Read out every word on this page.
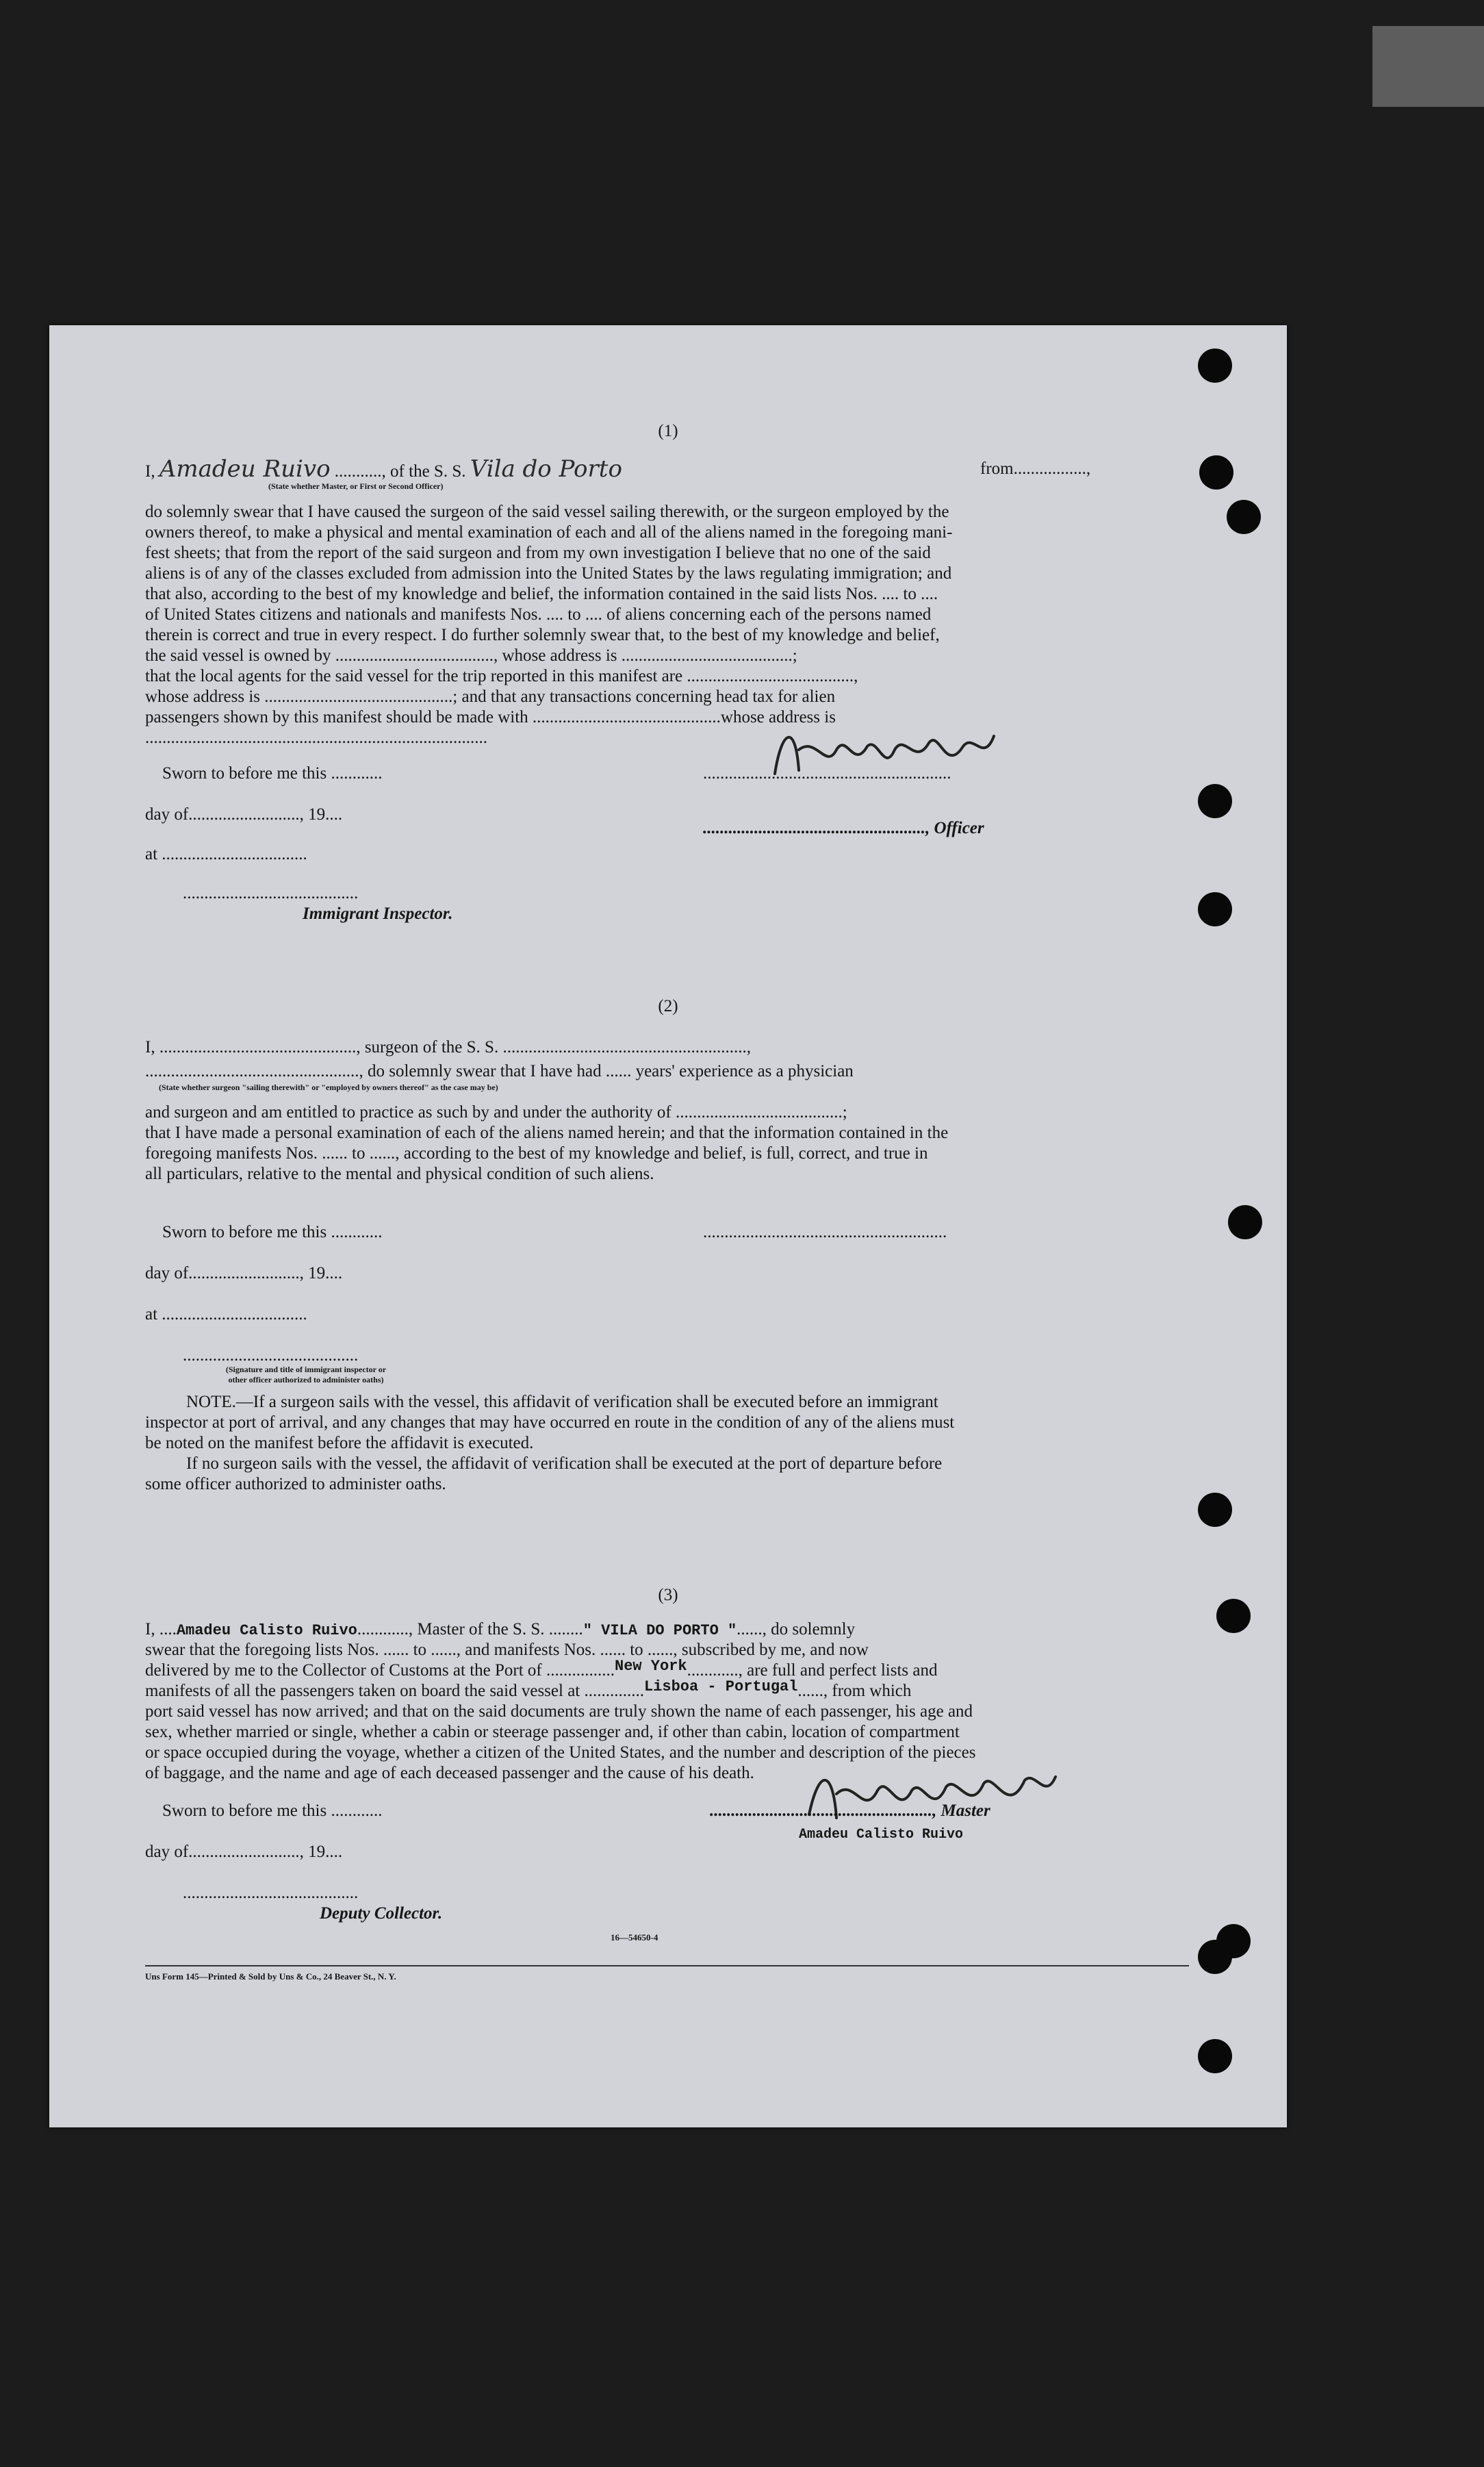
(1)
I, Amadeu Ruivo ..........., of the S. S. Vila do Porto	from.................,
(State whether Master, or First or Second Officer)
do solemnly swear that I have caused the surgeon of the said vessel sailing therewith, or the surgeon employed by the
owners thereof, to make a physical and mental examination of each and all of the aliens named in the foregoing mani-
fest sheets; that from the report of the said surgeon and from my own investigation I believe that no one of the said
aliens is of any of the classes excluded from admission into the United States by the laws regulating immigration; and
that also, according to the best of my knowledge and belief, the information contained in the said lists Nos. .... to ....
of United States citizens and nationals and manifests Nos. .... to .... of aliens concerning each of the persons named
therein is correct and true in every respect. I do further solemnly swear that, to the best of my knowledge and belief,
the said vessel is owned by ....................................., whose address is ........................................;
that the local agents for the said vessel for the trip reported in this manifest are .......................................,
whose address is ............................................; and that any transactions concerning head tax for alien
passengers shown by this manifest should be made with ............................................whose address is
................................................................................
Sworn to before me this ............	..........................................................
day of.........................., 19....
...................................................., Officer
at ..................................
.........................................
Immigrant Inspector.
(2)
I, .............................................., surgeon of the S. S. .........................................................,
.................................................., do solemnly swear that I have had ...... years' experience as a physician
(State whether surgeon "sailing therewith" or "employed by owners thereof" as the case may be)
and surgeon and am entitled to practice as such by and under the authority of .......................................;
that I have made a personal examination of each of the aliens named herein; and that the information contained in the
foregoing manifests Nos. ...... to ......, according to the best of my knowledge and belief, is full, correct, and true in
all particulars, relative to the mental and physical condition of such aliens.
Sworn to before me this ............	.........................................................
day of.........................., 19....
at ..................................
.........................................
(Signature and title of immigrant inspector or
other officer authorized to administer oaths)
NOTE.—If a surgeon sails with the vessel, this affidavit of verification shall be executed before an immigrant
inspector at port of arrival, and any changes that may have occurred en route in the condition of any of the aliens must
be noted on the manifest before the affidavit is executed.
If no surgeon sails with the vessel, the affidavit of verification shall be executed at the port of departure before
some officer authorized to administer oaths.
(3)
I, ....Amadeu Calisto Ruivo............, Master of the S. S. ........" VILA DO PORTO "......, do solemnly
swear that the foregoing lists Nos. ...... to ......, and manifests Nos. ...... to ......, subscribed by me, and now
delivered by me to the Collector of Customs at the Port of ................New York............, are full and perfect lists and
manifests of all the passengers taken on board the said vessel at ..............Lisboa - Portugal......, from which
port said vessel has now arrived; and that on the said documents are truly shown the name of each passenger, his age and
sex, whether married or single, whether a cabin or steerage passenger and, if other than cabin, location of compartment
or space occupied during the voyage, whether a citizen of the United States, and the number and description of the pieces
of baggage, and the name and age of each deceased passenger and the cause of his death.
Sworn to before me this ............	...................................................., Master
Amadeu Calisto Ruivo
day of.........................., 19....
.........................................
Deputy Collector.
16—54650-4
Uns Form 145—Printed & Sold by Uns & Co., 24 Beaver St., N. Y.
